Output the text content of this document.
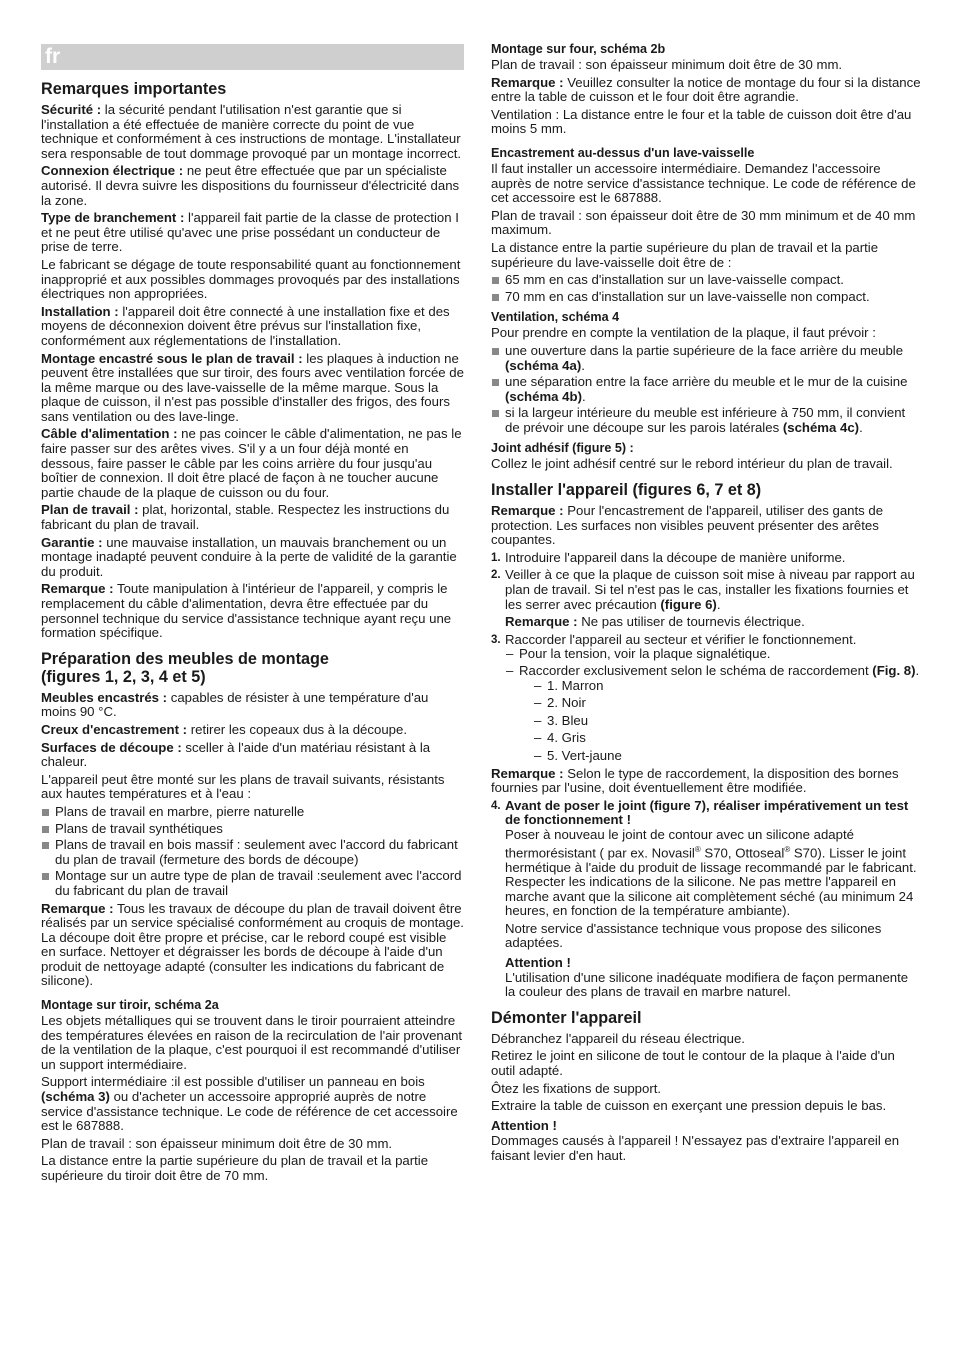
fr
Remarques importantes

Sécurité : la sécurité pendant l'utilisation n'est garantie que si l'installation a été effectuée de manière correcte du point de vue technique et conformément à ces instructions de montage. L'installateur sera responsable de tout dommage provoqué par un montage incorrect.

Connexion électrique : ne peut être effectuée que par un spécialiste autorisé. Il devra suivre les dispositions du fournisseur d'électricité dans la zone.

Type de branchement : l'appareil fait partie de la classe de protection I et ne peut être utilisé qu'avec une prise possédant un conducteur de prise de terre.

Le fabricant se dégage de toute responsabilité quant au fonctionnement inapproprié et aux possibles dommages provoqués par des installations électriques non appropriées.

Installation : l'appareil doit être connecté à une installation fixe et des moyens de déconnexion doivent être prévus sur l'installation fixe, conformément aux réglementations de l'installation.

Montage encastré sous le plan de travail : les plaques à induction ne peuvent être installées que sur tiroir, des fours avec ventilation forcée de la même marque ou des lave-vaisselle de la même marque. Sous la plaque de cuisson, il n'est pas possible d'installer des frigos, des fours sans ventilation ou des lave-linge.

Câble d'alimentation : ne pas coincer le câble d'alimentation, ne pas le faire passer sur des arêtes vives. S'il y a un four déjà monté en dessous, faire passer le câble par les coins arrière du four jusqu'au boîtier de connexion. Il doit être placé de façon à ne toucher aucune partie chaude de la plaque de cuisson ou du four.

Plan de travail : plat, horizontal, stable. Respectez les instructions du fabricant du plan de travail.

Garantie : une mauvaise installation, un mauvais branchement ou un montage inadapté peuvent conduire à la perte de validité de la garantie du produit.

Remarque : Toute manipulation à l'intérieur de l'appareil, y compris le remplacement du câble d'alimentation, devra être effectuée par du personnel technique du service d'assistance technique ayant reçu une formation spécifique.

Préparation des meubles de montage (figures 1, 2, 3, 4 et 5)

Meubles encastrés : capables de résister à une température d'au moins 90 °C.

Creux d'encastrement : retirer les copeaux dus à la découpe.

Surfaces de découpe : sceller à l'aide d'un matériau résistant à la chaleur.

L'appareil peut être monté sur les plans de travail suivants, résistants aux hautes températures et à l'eau :

Plans de travail en marbre, pierre naturelle
Plans de travail synthétiques
Plans de travail en bois massif : seulement avec l'accord du fabricant du plan de travail (fermeture des bords de découpe)
Montage sur un autre type de plan de travail :seulement avec l'accord du fabricant du plan de travail

Remarque : Tous les travaux de découpe du plan de travail doivent être réalisés par un service spécialisé conformément au croquis de montage. La découpe doit être propre et précise, car le rebord coupé est visible en surface. Nettoyer et dégraisser les bords de découpe à l'aide d'un produit de nettoyage adapté (consulter les indications du fabricant de silicone).

Montage sur tiroir, schéma 2a

Les objets métalliques qui se trouvent dans le tiroir pourraient atteindre des températures élevées en raison de la recirculation de l'air provenant de la ventilation de la plaque, c'est pourquoi il est recommandé d'utiliser un support intermédiaire.

Support intermédiaire :il est possible d'utiliser un panneau en bois (schéma 3) ou d'acheter un accessoire approprié auprès de notre service d'assistance technique. Le code de référence de cet accessoire est le 687888.

Plan de travail : son épaisseur minimum doit être de 30 mm.

La distance entre la partie supérieure du plan de travail et la partie supérieure du tiroir doit être de 70 mm.

Montage sur four, schéma 2b

Plan de travail : son épaisseur minimum doit être de 30 mm.

Remarque : Veuillez consulter la notice de montage du four si la distance entre la table de cuisson et le four doit être agrandie.

Ventilation : La distance entre le four et la table de cuisson doit être d'au moins 5 mm.

Encastrement au-dessus d'un lave-vaisselle

Il faut installer un accessoire intermédiaire. Demandez l'accessoire auprès de notre service d'assistance technique. Le code de référence de cet accessoire est le 687888.

Plan de travail : son épaisseur doit être de 30 mm minimum et de 40 mm maximum.

La distance entre la partie supérieure du plan de travail et la partie supérieure du lave-vaisselle doit être de :

65 mm en cas d'installation sur un lave-vaisselle compact.
70 mm en cas d'installation sur un lave-vaisselle non compact.
Ventilation, schéma 4

Pour prendre en compte la ventilation de la plaque, il faut prévoir :

une ouverture dans la partie supérieure de la face arrière du meuble (schéma 4a).
une séparation entre la face arrière du meuble et le mur de la cuisine (schéma 4b).
si la largeur intérieure du meuble est inférieure à 750 mm, il convient de prévoir une découpe sur les parois latérales (schéma 4c).
Joint adhésif (figure 5) :

Collez le joint adhésif centré sur le rebord intérieur du plan de travail.

Installer l'appareil (figures 6, 7 et 8)

Remarque : Pour l'encastrement de l'appareil, utiliser des gants de protection. Les surfaces non visibles peuvent présenter des arêtes coupantes.

1. Introduire l'appareil dans la découpe de manière uniforme.
2. Veiller à ce que la plaque de cuisson soit mise à niveau par rapport au plan de travail. Si tel n'est pas le cas, installer les fixations fournies et les serrer avec précaution (figure 6).

Remarque : Ne pas utiliser de tournevis électrique.

3. Raccorder l'appareil au secteur et vérifier le fonctionnement.
– Pour la tension, voir la plaque signalétique.
– Raccorder exclusivement selon le schéma de raccordement (Fig. 8).
– 1. Marron
– 2. Noir
– 3. Bleu
– 4. Gris
– 5. Vert-jaune

Remarque : Selon le type de raccordement, la disposition des bornes fournies par l'usine, doit éventuellement être modifiée.

4. Avant de poser le joint (figure 7), réaliser impérativement un test de fonctionnement !

Poser à nouveau le joint de contour avec un silicone adapté thermorésistant ( par ex. Novasil® S70, Ottoseal® S70). Lisser le joint hermétique à l'aide du produit de lissage recommandé par le fabricant. Respecter les indications de la silicone. Ne pas mettre l'appareil en marche avant que la silicone ait complètement séché (au minimum 24 heures, en fonction de la température ambiante).

Notre service d'assistance technique vous propose des silicones adaptées.

Attention !

L'utilisation d'une silicone inadéquate modifiera de façon permanente la couleur des plans de travail en marbre naturel.

Démonter l'appareil

Débranchez l'appareil du réseau électrique.

Retirez le joint en silicone de tout le contour de la plaque à l'aide d'un outil adapté.

Ôtez les fixations de support.

Extraire la table de cuisson en exerçant une pression depuis le bas.

Attention !

Dommages causés à l'appareil ! N'essayez pas d'extraire l'appareil en faisant levier d'en haut.
